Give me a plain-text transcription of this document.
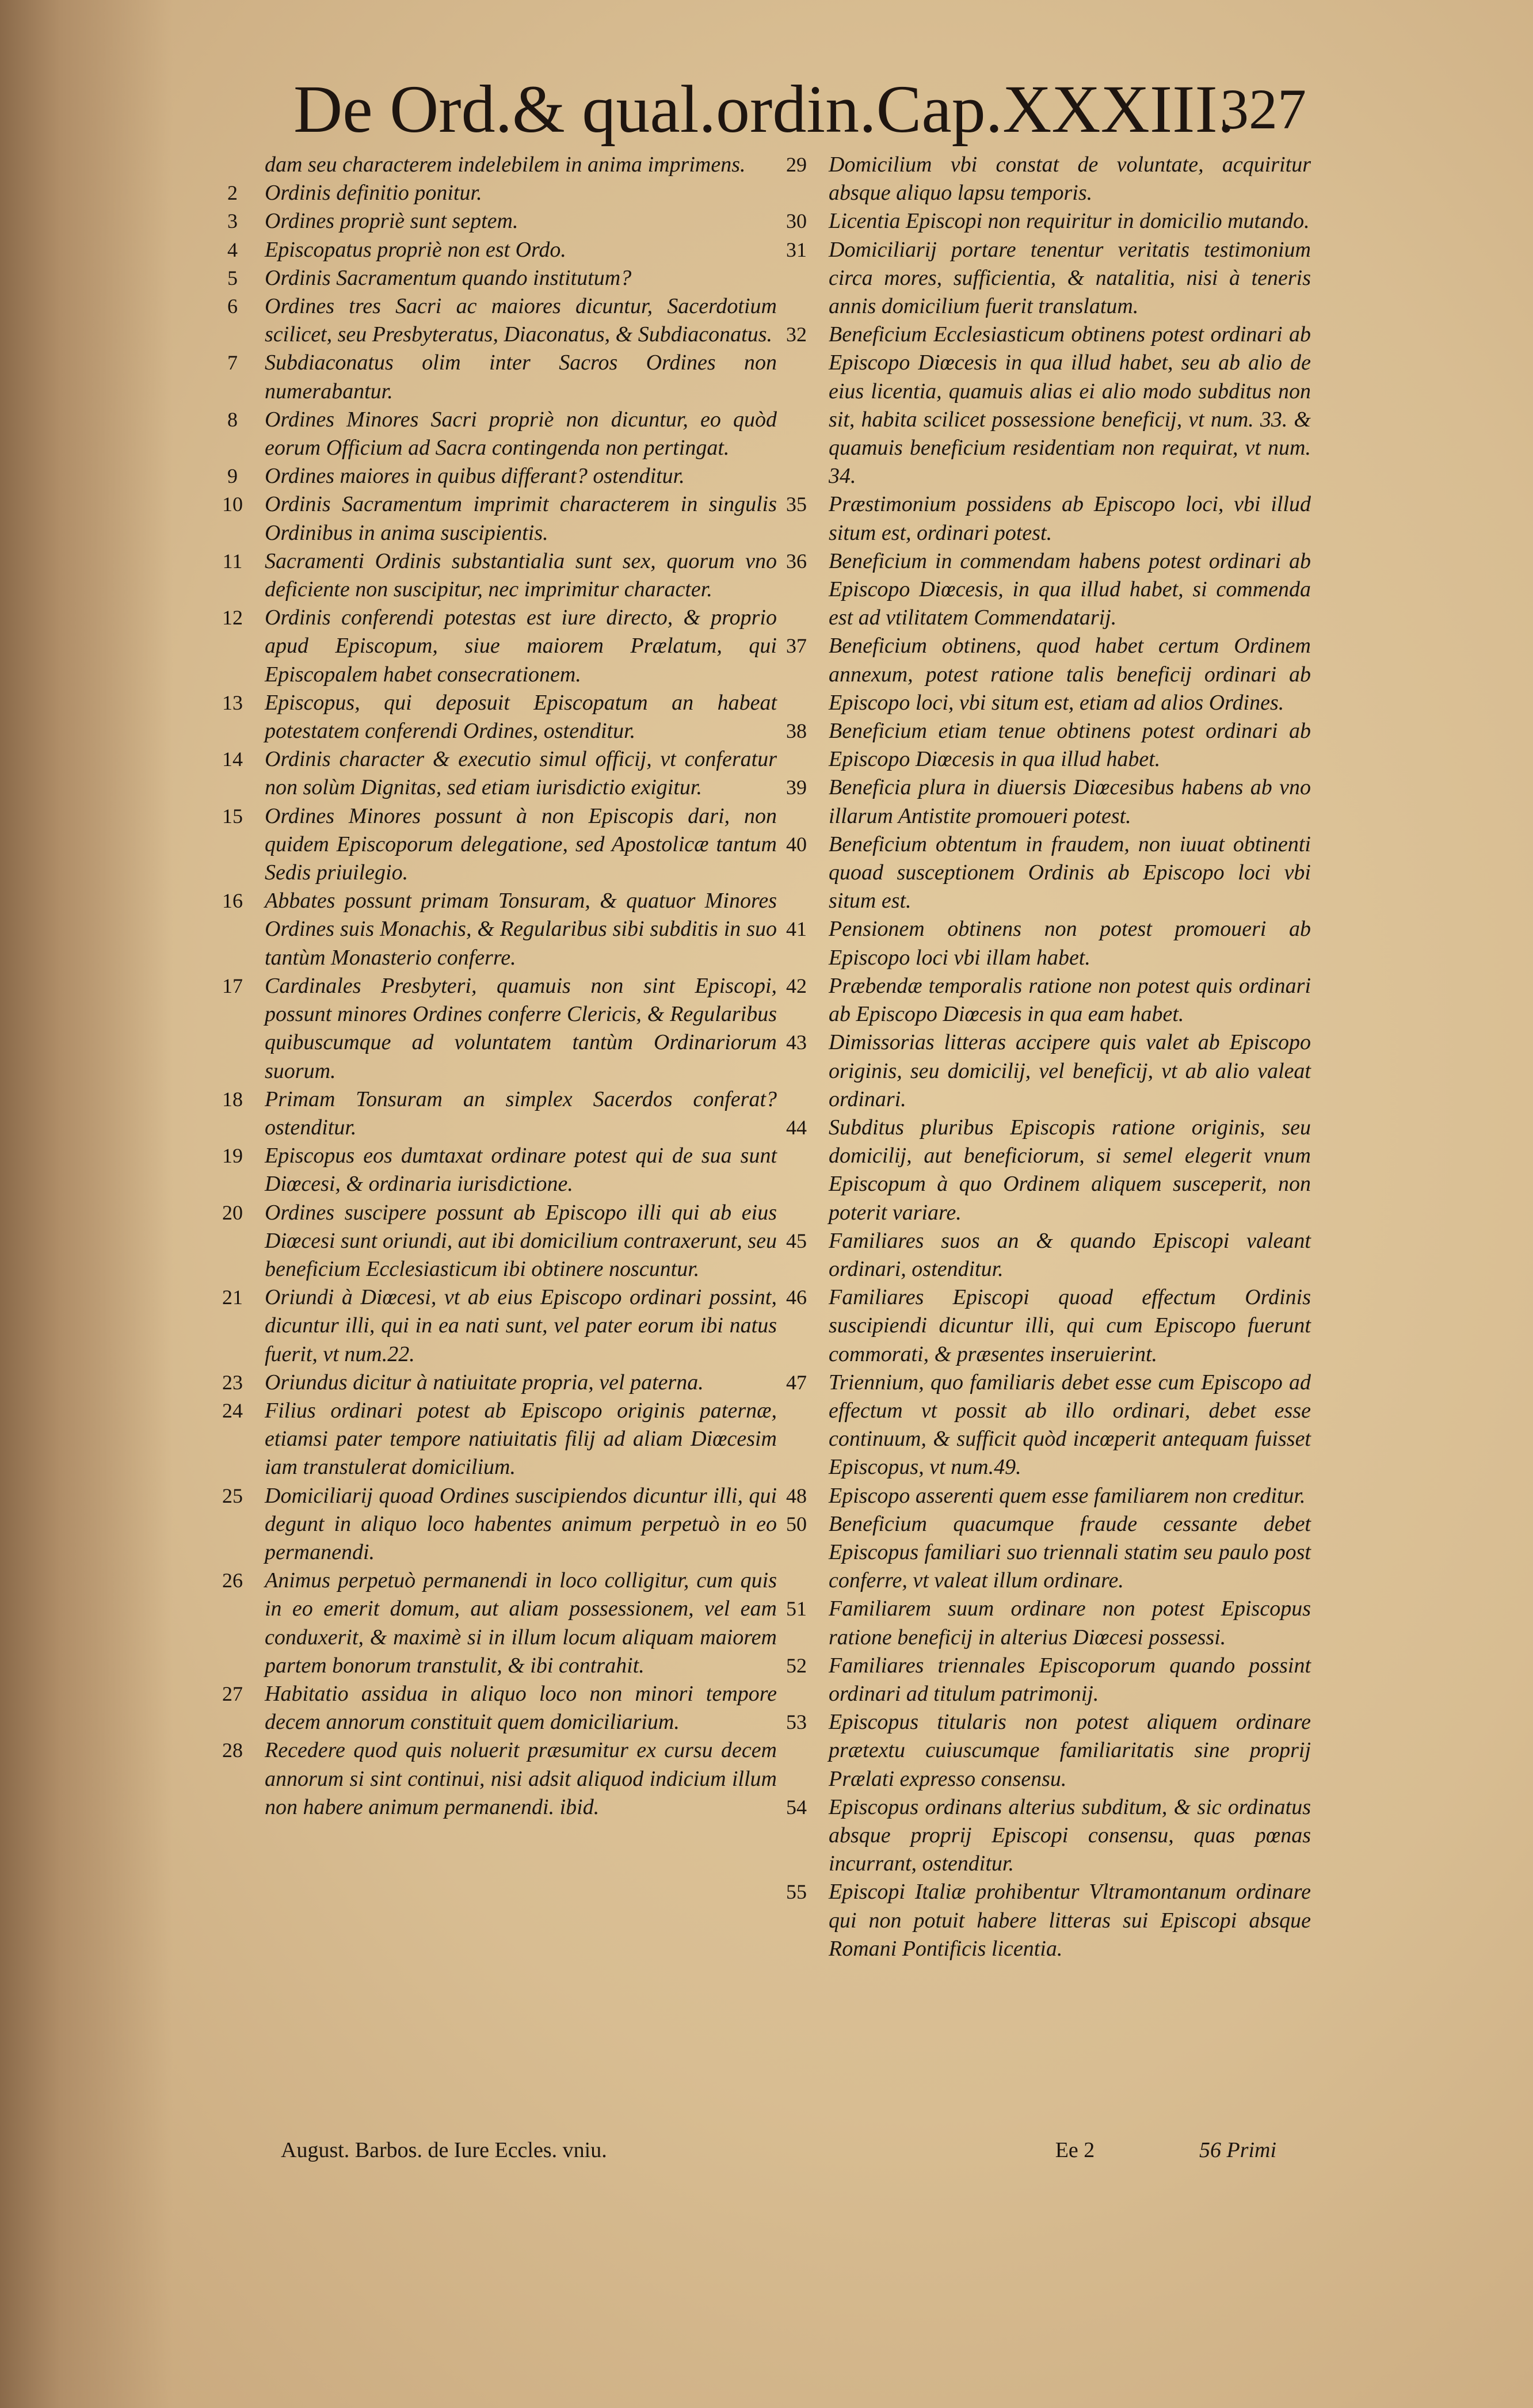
De Ord.& qual.ordin.Cap.XXXIII.
327
dam seu characterem indelebilem in anima imprimens.
2	Ordinis definitio ponitur.
3	Ordines propriè sunt septem.
4	Episcopatus propriè non est Ordo.
5	Ordinis Sacramentum quando institutum?
6	Ordines tres Sacri ac maiores dicuntur, Sacerdotium scilicet, seu Presbyteratus, Diaconatus, & Subdiaconatus.
7	Subdiaconatus olim inter Sacros Ordines non numerabantur.
8	Ordines Minores Sacri propriè non dicuntur, eo quòd eorum Officium ad Sacra contingenda non pertingat.
9	Ordines maiores in quibus differant? ostenditur.
10	Ordinis Sacramentum imprimit characterem in singulis Ordinibus in anima suscipientis.
11	Sacramenti Ordinis substantialia sunt sex, quorum vno deficiente non suscipitur, nec imprimitur character.
12	Ordinis conferendi potestas est iure directo, & proprio apud Episcopum, siue maiorem Prælatum, qui Episcopalem habet consecrationem.
13	Episcopus, qui deposuit Episcopatum an habeat potestatem conferendi Ordines, ostenditur.
14	Ordinis character & executio simul officij, vt conferatur non solùm Dignitas, sed etiam iurisdictio exigitur.
15	Ordines Minores possunt à non Episcopis dari, non quidem Episcoporum delegatione, sed Apostolicæ tantum Sedis priuilegio.
16	Abbates possunt primam Tonsuram, & quatuor Minores Ordines suis Monachis, & Regularibus sibi subditis in suo tantùm Monasterio conferre.
17	Cardinales Presbyteri, quamuis non sint Episcopi, possunt minores Ordines conferre Clericis, & Regularibus quibuscumque ad voluntatem tantùm Ordinariorum suorum.
18	Primam Tonsuram an simplex Sacerdos conferat? ostenditur.
19	Episcopus eos dumtaxat ordinare potest qui de sua sunt Diœcesi, & ordinaria iurisdictione.
20	Ordines suscipere possunt ab Episcopo illi qui ab eius Diœcesi sunt oriundi, aut ibi domicilium contraxerunt, seu beneficium Ecclesiasticum ibi obtinere noscuntur.
21	Oriundi à Diœcesi, vt ab eius Episcopo ordinari possint, dicuntur illi, qui in ea nati sunt, vel pater eorum ibi natus fuerit, vt num.22.
23	Oriundus dicitur à natiuitate propria, vel paterna.
24	Filius ordinari potest ab Episcopo originis paternæ, etiamsi pater tempore natiuitatis filij ad aliam Diœcesim iam transtulerat domicilium.
25	Domiciliarij quoad Ordines suscipiendos dicuntur illi, qui degunt in aliquo loco habentes animum perpetuò in eo permanendi.
26	Animus perpetuò permanendi in loco colligitur, cum quis in eo emerit domum, aut aliam possessionem, vel eam conduxerit, & maximè si in illum locum aliquam maiorem partem bonorum transtulit, & ibi contrahit.
27	Habitatio assidua in aliquo loco non minori tempore decem annorum constituit quem domiciliarium.
28	Recedere quod quis noluerit præsumitur ex cursu decem annorum si sint continui, nisi adsit aliquod indicium illum non habere animum permanendi. ibid.
29	Domicilium vbi constat de voluntate, acquiritur absque aliquo lapsu temporis.
30	Licentia Episcopi non requiritur in domicilio mutando.
31	Domiciliarij portare tenentur veritatis testimonium circa mores, sufficientia, & natalitia, nisi à teneris annis domicilium fuerit translatum.
32	Beneficium Ecclesiasticum obtinens potest ordinari ab Episcopo Diœcesis in qua illud habet, seu ab alio de eius licentia, quamuis alias ei alio modo subditus non sit, habita scilicet possessione beneficij, vt num. 33. & quamuis beneficium residentiam non requirat, vt num. 34.
35	Præstimonium possidens ab Episcopo loci, vbi illud situm est, ordinari potest.
36	Beneficium in commendam habens potest ordinari ab Episcopo Diœcesis, in qua illud habet, si commenda est ad vtilitatem Commendatarij.
37	Beneficium obtinens, quod habet certum Ordinem annexum, potest ratione talis beneficij ordinari ab Episcopo loci, vbi situm est, etiam ad alios Ordines.
38	Beneficium etiam tenue obtinens potest ordinari ab Episcopo Diœcesis in qua illud habet.
39	Beneficia plura in diuersis Diœcesibus habens ab vno illarum Antistite promoueri potest.
40	Beneficium obtentum in fraudem, non iuuat obtinenti quoad susceptionem Ordinis ab Episcopo loci vbi situm est.
41	Pensionem obtinens non potest promoueri ab Episcopo loci vbi illam habet.
42	Præbendæ temporalis ratione non potest quis ordinari ab Episcopo Diœcesis in qua eam habet.
43	Dimissorias litteras accipere quis valet ab Episcopo originis, seu domicilij, vel beneficij, vt ab alio valeat ordinari.
44	Subditus pluribus Episcopis ratione originis, seu domicilij, aut beneficiorum, si semel elegerit vnum Episcopum à quo Ordinem aliquem susceperit, non poterit variare.
45	Familiares suos an & quando Episcopi valeant ordinari, ostenditur.
46	Familiares Episcopi quoad effectum Ordinis suscipiendi dicuntur illi, qui cum Episcopo fuerunt commorati, & præsentes inseruierint.
47	Triennium, quo familiaris debet esse cum Episcopo ad effectum vt possit ab illo ordinari, debet esse continuum, & sufficit quòd incœperit antequam fuisset Episcopus, vt num.49.
48	Episcopo asserenti quem esse familiarem non creditur.
50	Beneficium quacumque fraude cessante debet Episcopus familiari suo triennali statim seu paulo post conferre, vt valeat illum ordinare.
51	Familiarem suum ordinare non potest Episcopus ratione beneficij in alterius Diœcesi possessi.
52	Familiares triennales Episcoporum quando possint ordinari ad titulum patrimonij.
53	Episcopus titularis non potest aliquem ordinare prætextu cuiuscumque familiaritatis sine proprij Prælati expresso consensu.
54	Episcopus ordinans alterius subditum, & sic ordinatus absque proprij Episcopi consensu, quas pœnas incurrant, ostenditur.
55	Episcopi Italiæ prohibentur Vltramontanum ordinare qui non potuit habere litteras sui Episcopi absque Romani Pontificis licentia.
August. Barbos. de Iure Eccles. vniu.	Ee 2	56 Primi
